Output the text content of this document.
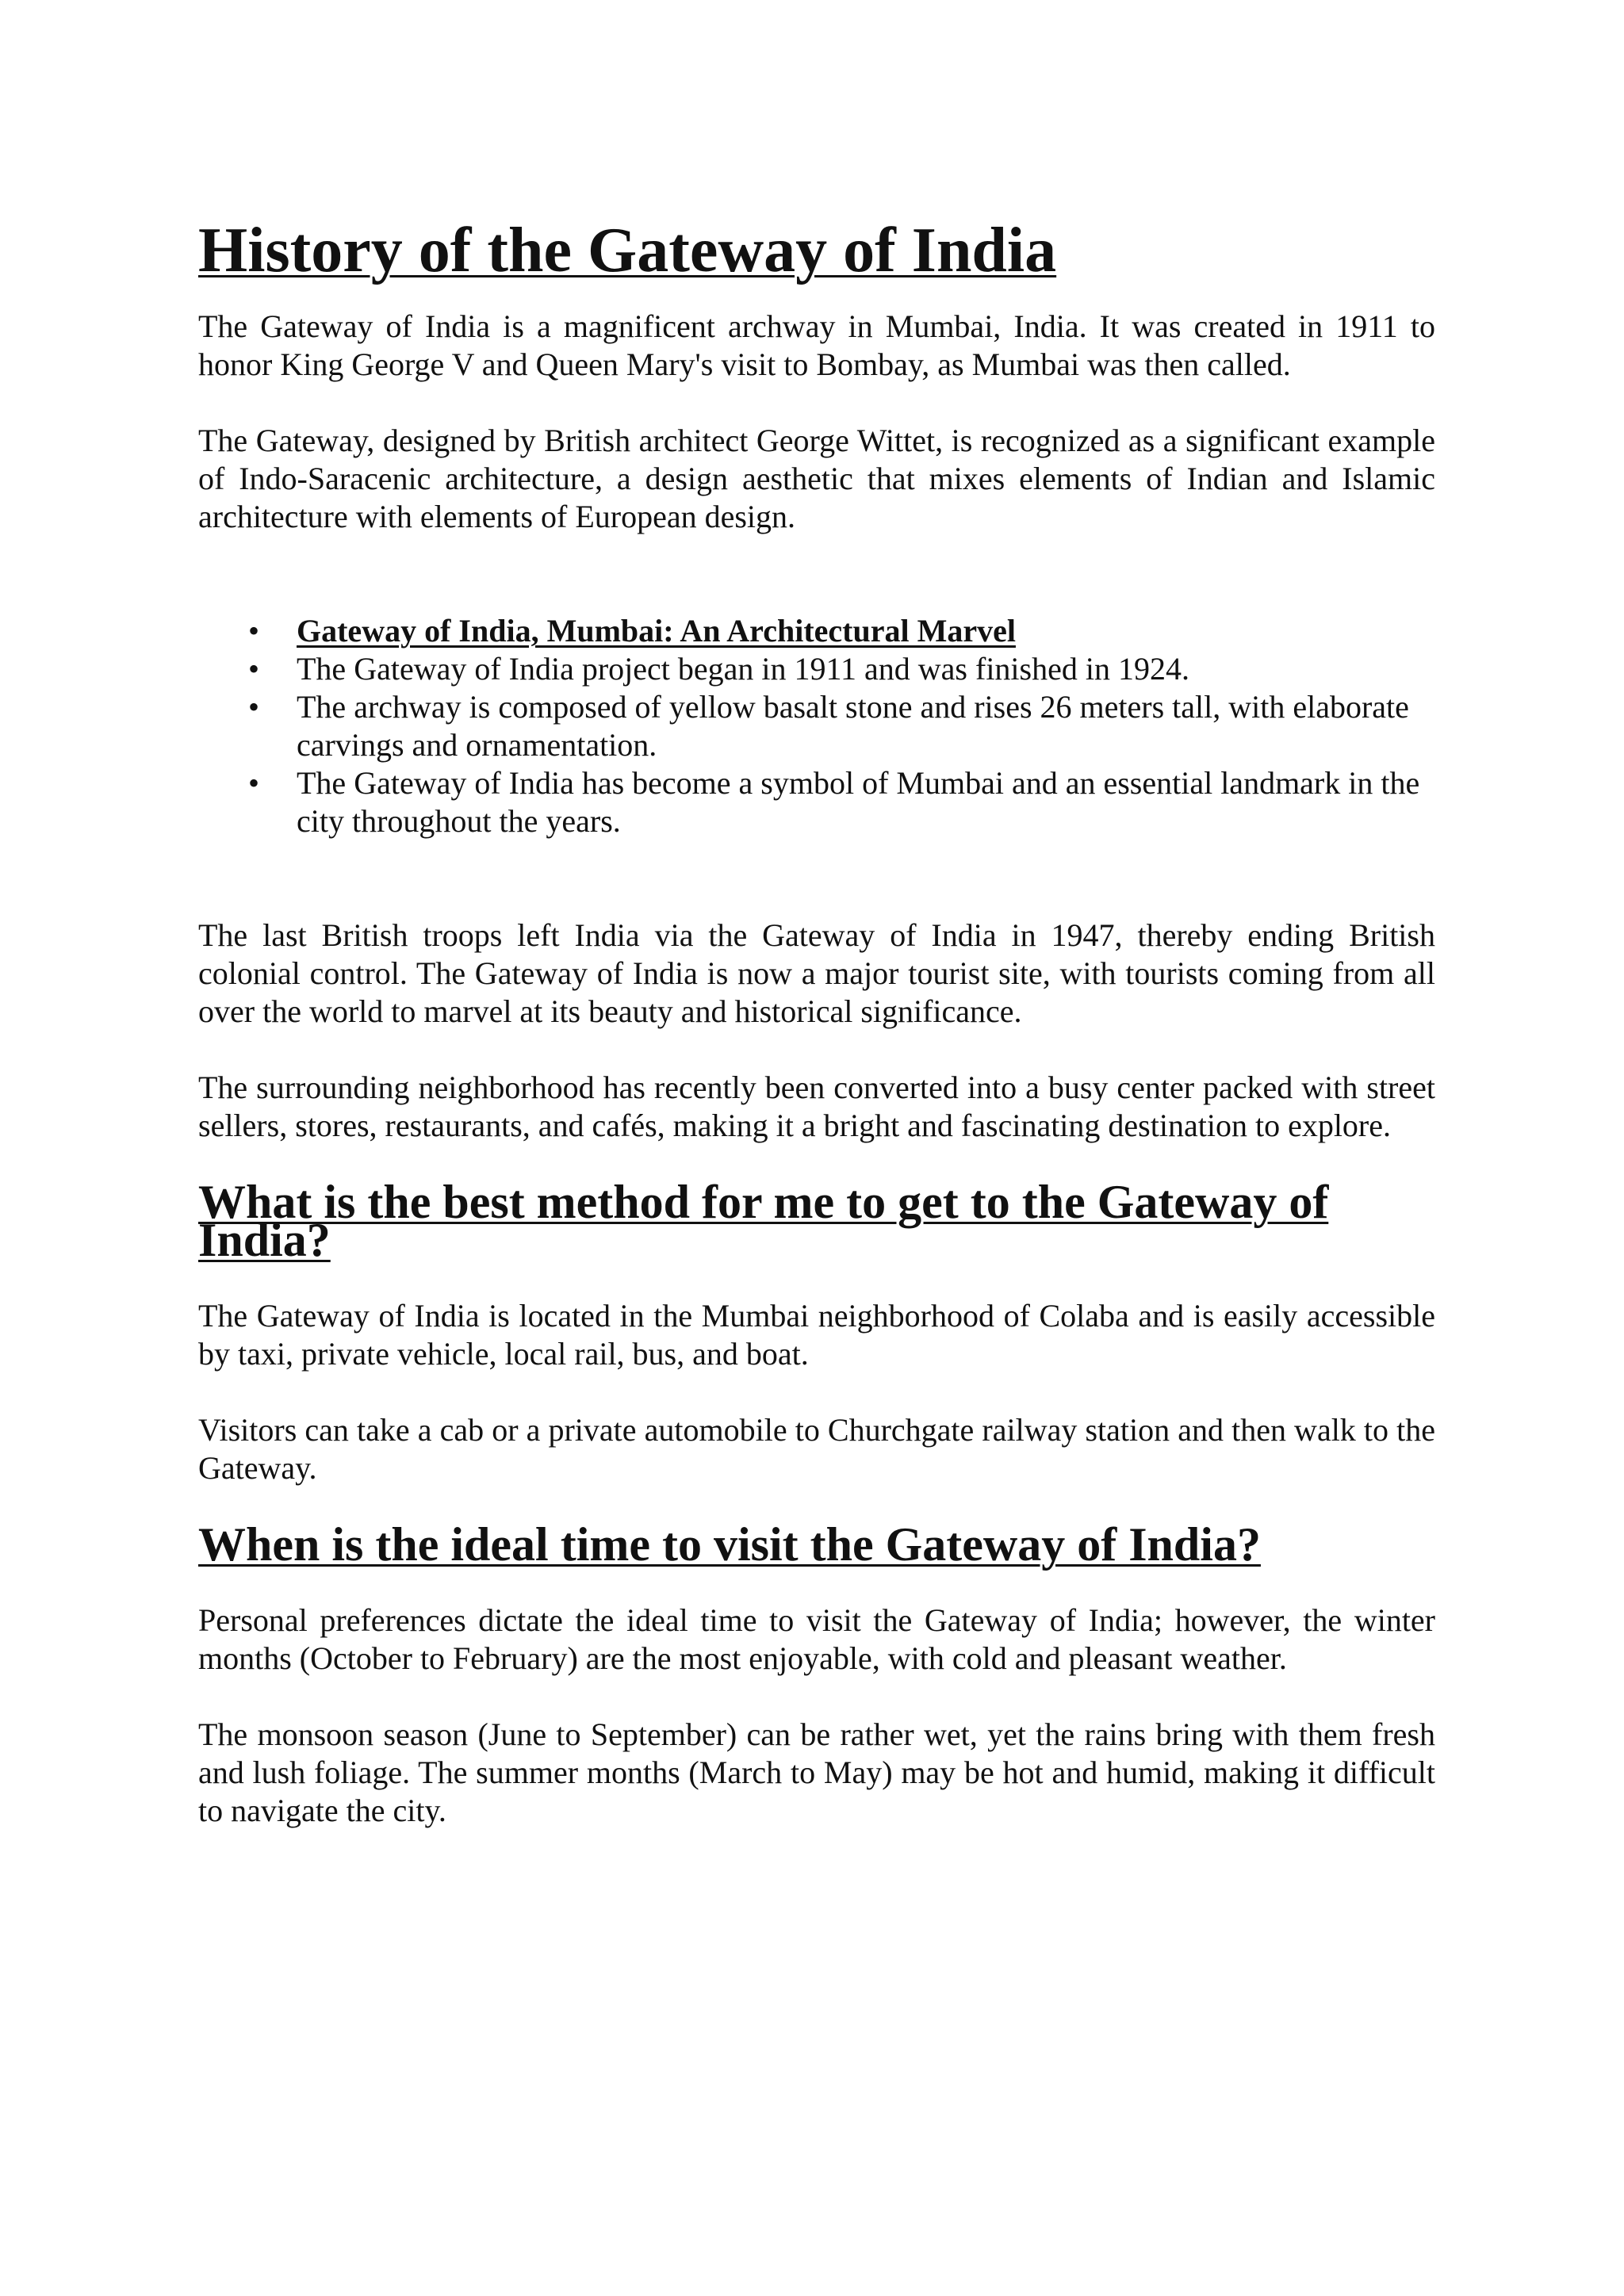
History of the Gateway of India

The Gateway of India is a magnificent archway in Mumbai, India. It was created in 1911 to honor King George V and Queen Mary's visit to Bombay, as Mumbai was then called.

The Gateway, designed by British architect George Wittet, is recognized as a significant example of Indo-Saracenic architecture, a design aesthetic that mixes elements of Indian and Islamic architecture with elements of European design.

• Gateway of India, Mumbai: An Architectural Marvel
• The Gateway of India project began in 1911 and was finished in 1924.
• The archway is composed of yellow basalt stone and rises 26 meters tall, with elaborate carvings and ornamentation.
• The Gateway of India has become a symbol of Mumbai and an essential landmark in the city throughout the years.

The last British troops left India via the Gateway of India in 1947, thereby ending British colonial control. The Gateway of India is now a major tourist site, with tourists coming from all over the world to marvel at its beauty and historical significance.

The surrounding neighborhood has recently been converted into a busy center packed with street sellers, stores, restaurants, and cafés, making it a bright and fascinating destination to explore.

What is the best method for me to get to the Gateway of India?

The Gateway of India is located in the Mumbai neighborhood of Colaba and is easily accessible by taxi, private vehicle, local rail, bus, and boat.

Visitors can take a cab or a private automobile to Churchgate railway station and then walk to the Gateway.

When is the ideal time to visit the Gateway of India?

Personal preferences dictate the ideal time to visit the Gateway of India; however, the winter months (October to February) are the most enjoyable, with cold and pleasant weather.

The monsoon season (June to September) can be rather wet, yet the rains bring with them fresh and lush foliage. The summer months (March to May) may be hot and humid, making it difficult to navigate the city.
